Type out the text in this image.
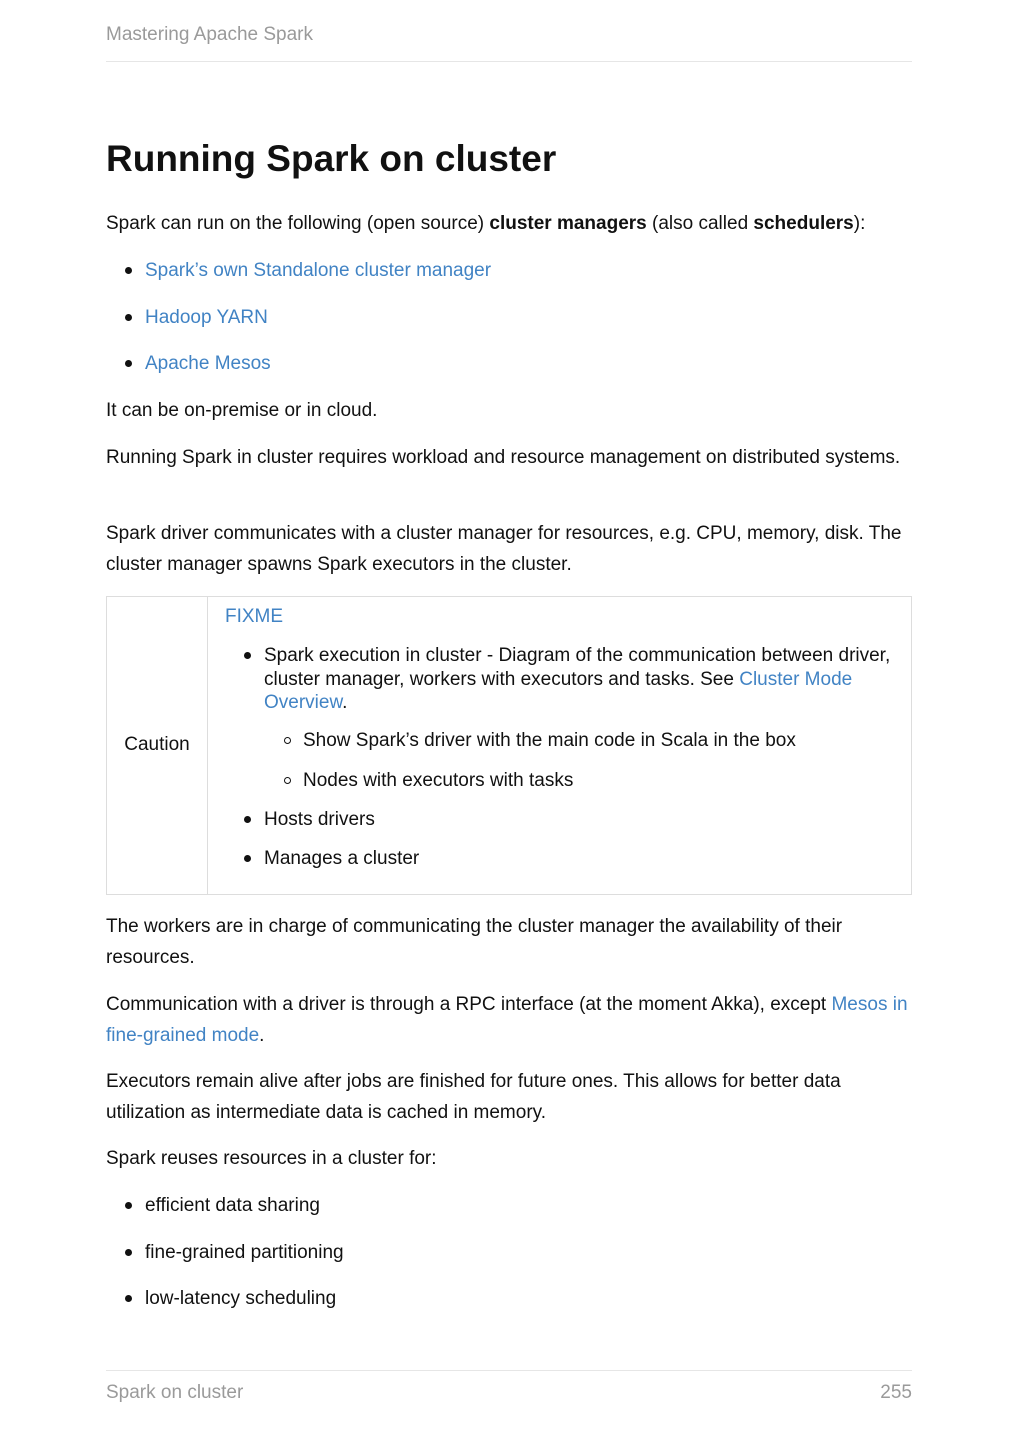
Mastering Apache Spark
Running Spark on cluster

Spark can run on the following (open source) cluster managers (also called schedulers):

Spark’s own Standalone cluster manager
Hadoop YARN
Apache Mesos

It can be on-premise or in cloud.

Running Spark in cluster requires workload and resource management on distributed systems.

Spark driver communicates with a cluster manager for resources, e.g. CPU, memory, disk. The cluster manager spawns Spark executors in the cluster.

Caution
FIXME
Spark execution in cluster - Diagram of the communication between driver, cluster manager, workers with executors and tasks. See Cluster Mode Overview.
Show Spark’s driver with the main code in Scala in the box
Nodes with executors with tasks
Hosts drivers
Manages a cluster

The workers are in charge of communicating the cluster manager the availability of their resources.

Communication with a driver is through a RPC interface (at the moment Akka), except Mesos in fine-grained mode.

Executors remain alive after jobs are finished for future ones. This allows for better data utilization as intermediate data is cached in memory.

Spark reuses resources in a cluster for:

efficient data sharing
fine-grained partitioning
low-latency scheduling
Spark on cluster	255
